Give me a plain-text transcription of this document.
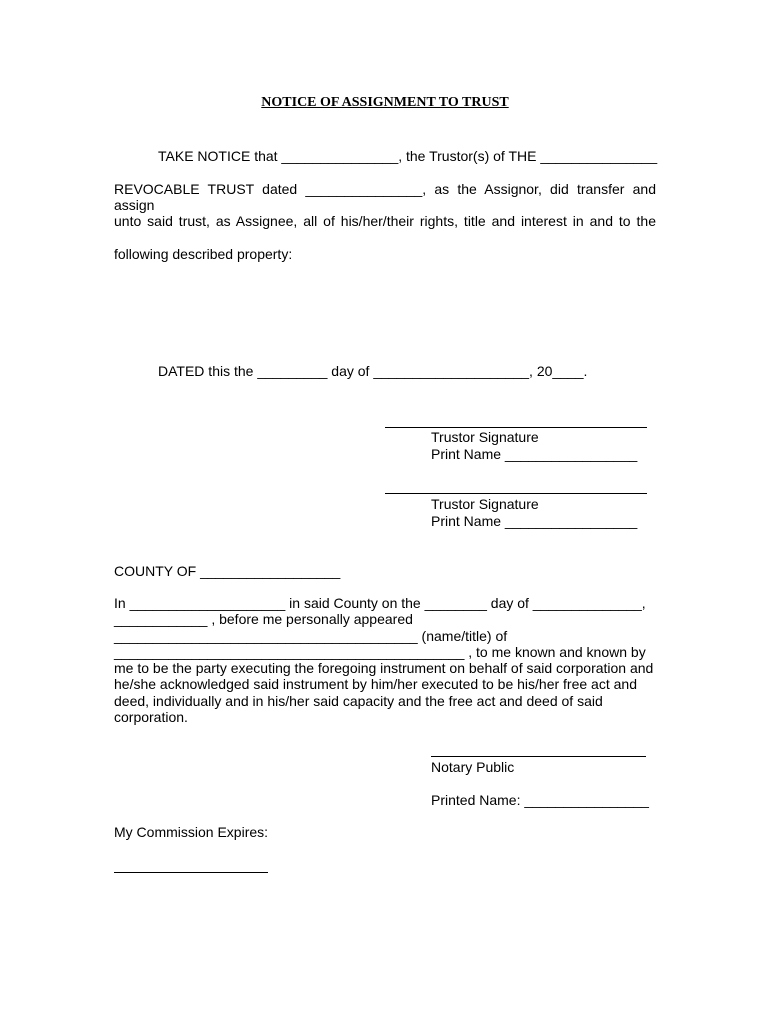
NOTICE OF ASSIGNMENT TO TRUST
TAKE NOTICE that _______________, the Trustor(s) of THE _______________
REVOCABLE TRUST dated _______________, as the Assignor, did transfer and assign
unto said trust, as Assignee, all of his/her/their rights, title and interest in and to the
following described property:
DATED this the _________ day of ____________________, 20____.
Trustor Signature
Print Name _________________
Trustor Signature
Print Name _________________
COUNTY OF __________________
In ____________________ in said County on the ________ day of ______________,
____________ , before me personally appeared
_______________________________________ (name/title) of
_____________________________________________ , to me known and known by
me to be the party executing the foregoing instrument on behalf of said corporation and he/she acknowledged said instrument by him/her executed to be his/her free act and deed, individually and in his/her said capacity and the free act and deed of said corporation.
Notary Public
Printed Name: ________________
My Commission Expires:
